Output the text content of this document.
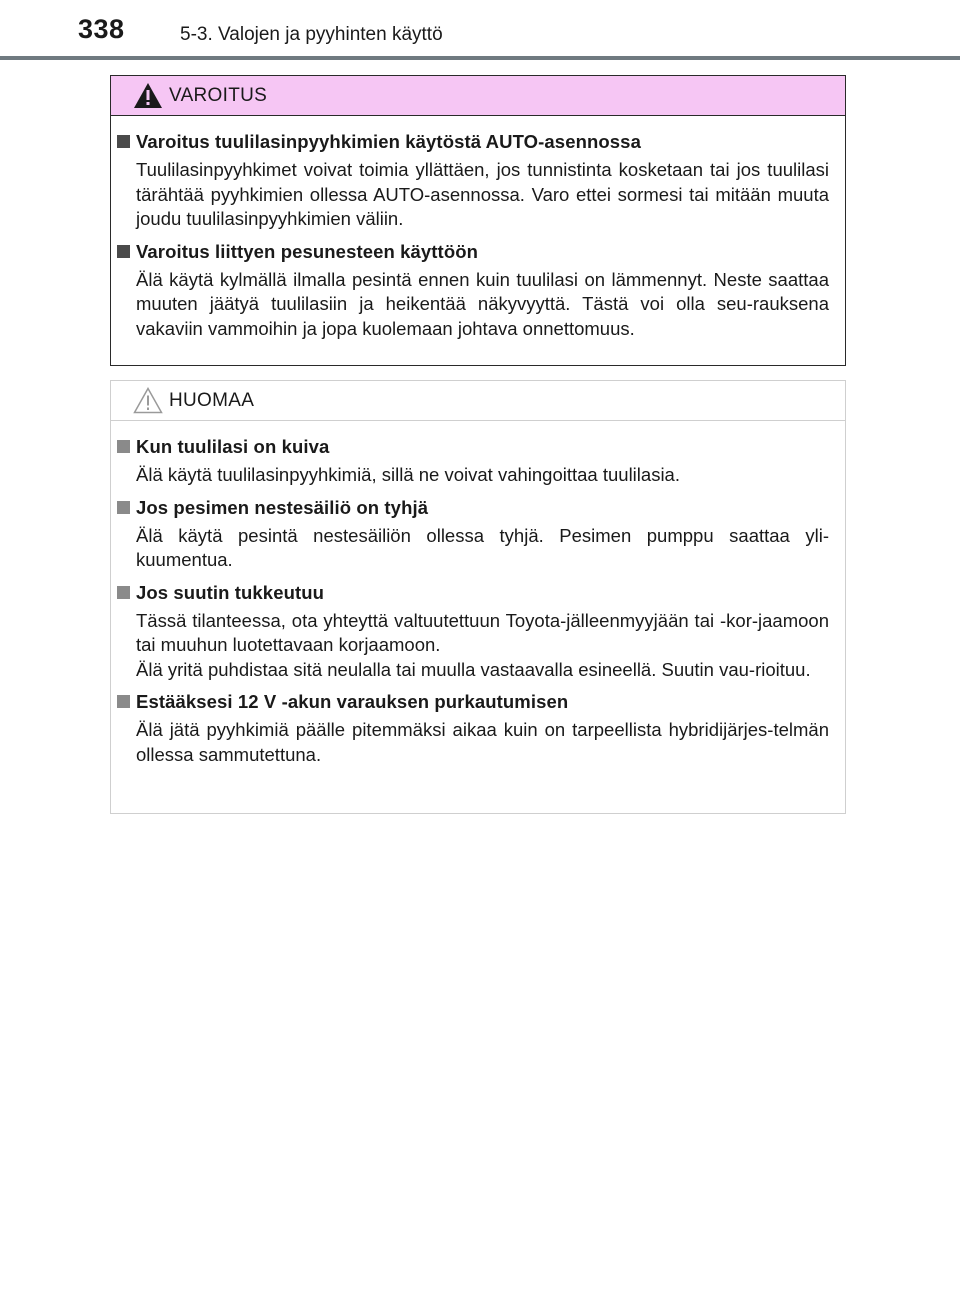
338	5-3. Valojen ja pyyhinten käyttö
VAROITUS
Varoitus tuulilasinpyyhkimien käytöstä AUTO-asennossa
Tuulilasinpyyhkimet voivat toimia yllättäen, jos tunnistinta kosketaan tai jos tuulilasi tärähtää pyyhkimien ollessa AUTO-asennossa. Varo ettei sormesi tai mitään muuta joudu tuulilasinpyyhkimien väliin.
Varoitus liittyen pesunesteen käyttöön
Älä käytä kylmällä ilmalla pesintä ennen kuin tuulilasi on lämmennyt. Neste saattaa muuten jäätyä tuulilasiin ja heikentää näkyvyyttä. Tästä voi olla seu-rauksena vakaviin vammoihin ja jopa kuolemaan johtava onnettomuus.
HUOMAA
Kun tuulilasi on kuiva
Älä käytä tuulilasinpyyhkimiä, sillä ne voivat vahingoittaa tuulilasia.
Jos pesimen nestesäiliö on tyhjä
Älä käytä pesintä nestesäiliön ollessa tyhjä. Pesimen pumppu saattaa yli-kuumentua.
Jos suutin tukkeutuu
Tässä tilanteessa, ota yhteyttä valtuutettuun Toyota-jälleenmyyjään tai -kor-jaamoon tai muuhun luotettavaan korjaamoon.
Älä yritä puhdistaa sitä neulalla tai muulla vastaavalla esineellä. Suutin vau-rioituu.
Estääksesi 12 V -akun varauksen purkautumisen
Älä jätä pyyhkimiä päälle pitemmäksi aikaa kuin on tarpeellista hybridijärjes-telmän ollessa sammutettuna.
